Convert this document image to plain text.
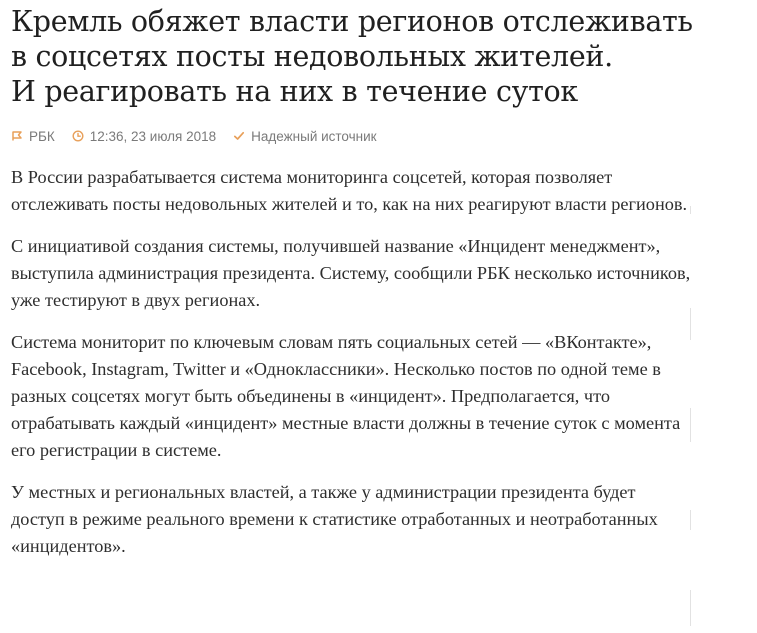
Кремль обяжет власти регионов отслеживать
в соцсетях посты недовольных жителей.
И реагировать на них в течение суток
РБК	12:36, 23 июля 2018	Надежный источник

В России разрабатывается система мониторинга соцсетей, которая позволяет отслеживать посты недовольных жителей и то, как на них реагируют власти регионов.

С инициативой создания системы, получившей название «Инцидент менеджмент», выступила администрация президента. Систему, сообщили РБК несколько источников, уже тестируют в двух регионах.

Система мониторит по ключевым словам пять социальных сетей — «ВКонтакте», Facebook, Instagram, Twitter и «Одноклассники». Несколько постов по одной теме в разных соцсетях могут быть объединены в «инцидент». Предполагается, что отрабатывать каждый «инцидент» местные власти должны в течение суток с момента его регистрации в системе.

У местных и региональных властей, а также у администрации президента будет доступ в режиме реального времени к статистике отработанных и неотработанных «инцидентов».
